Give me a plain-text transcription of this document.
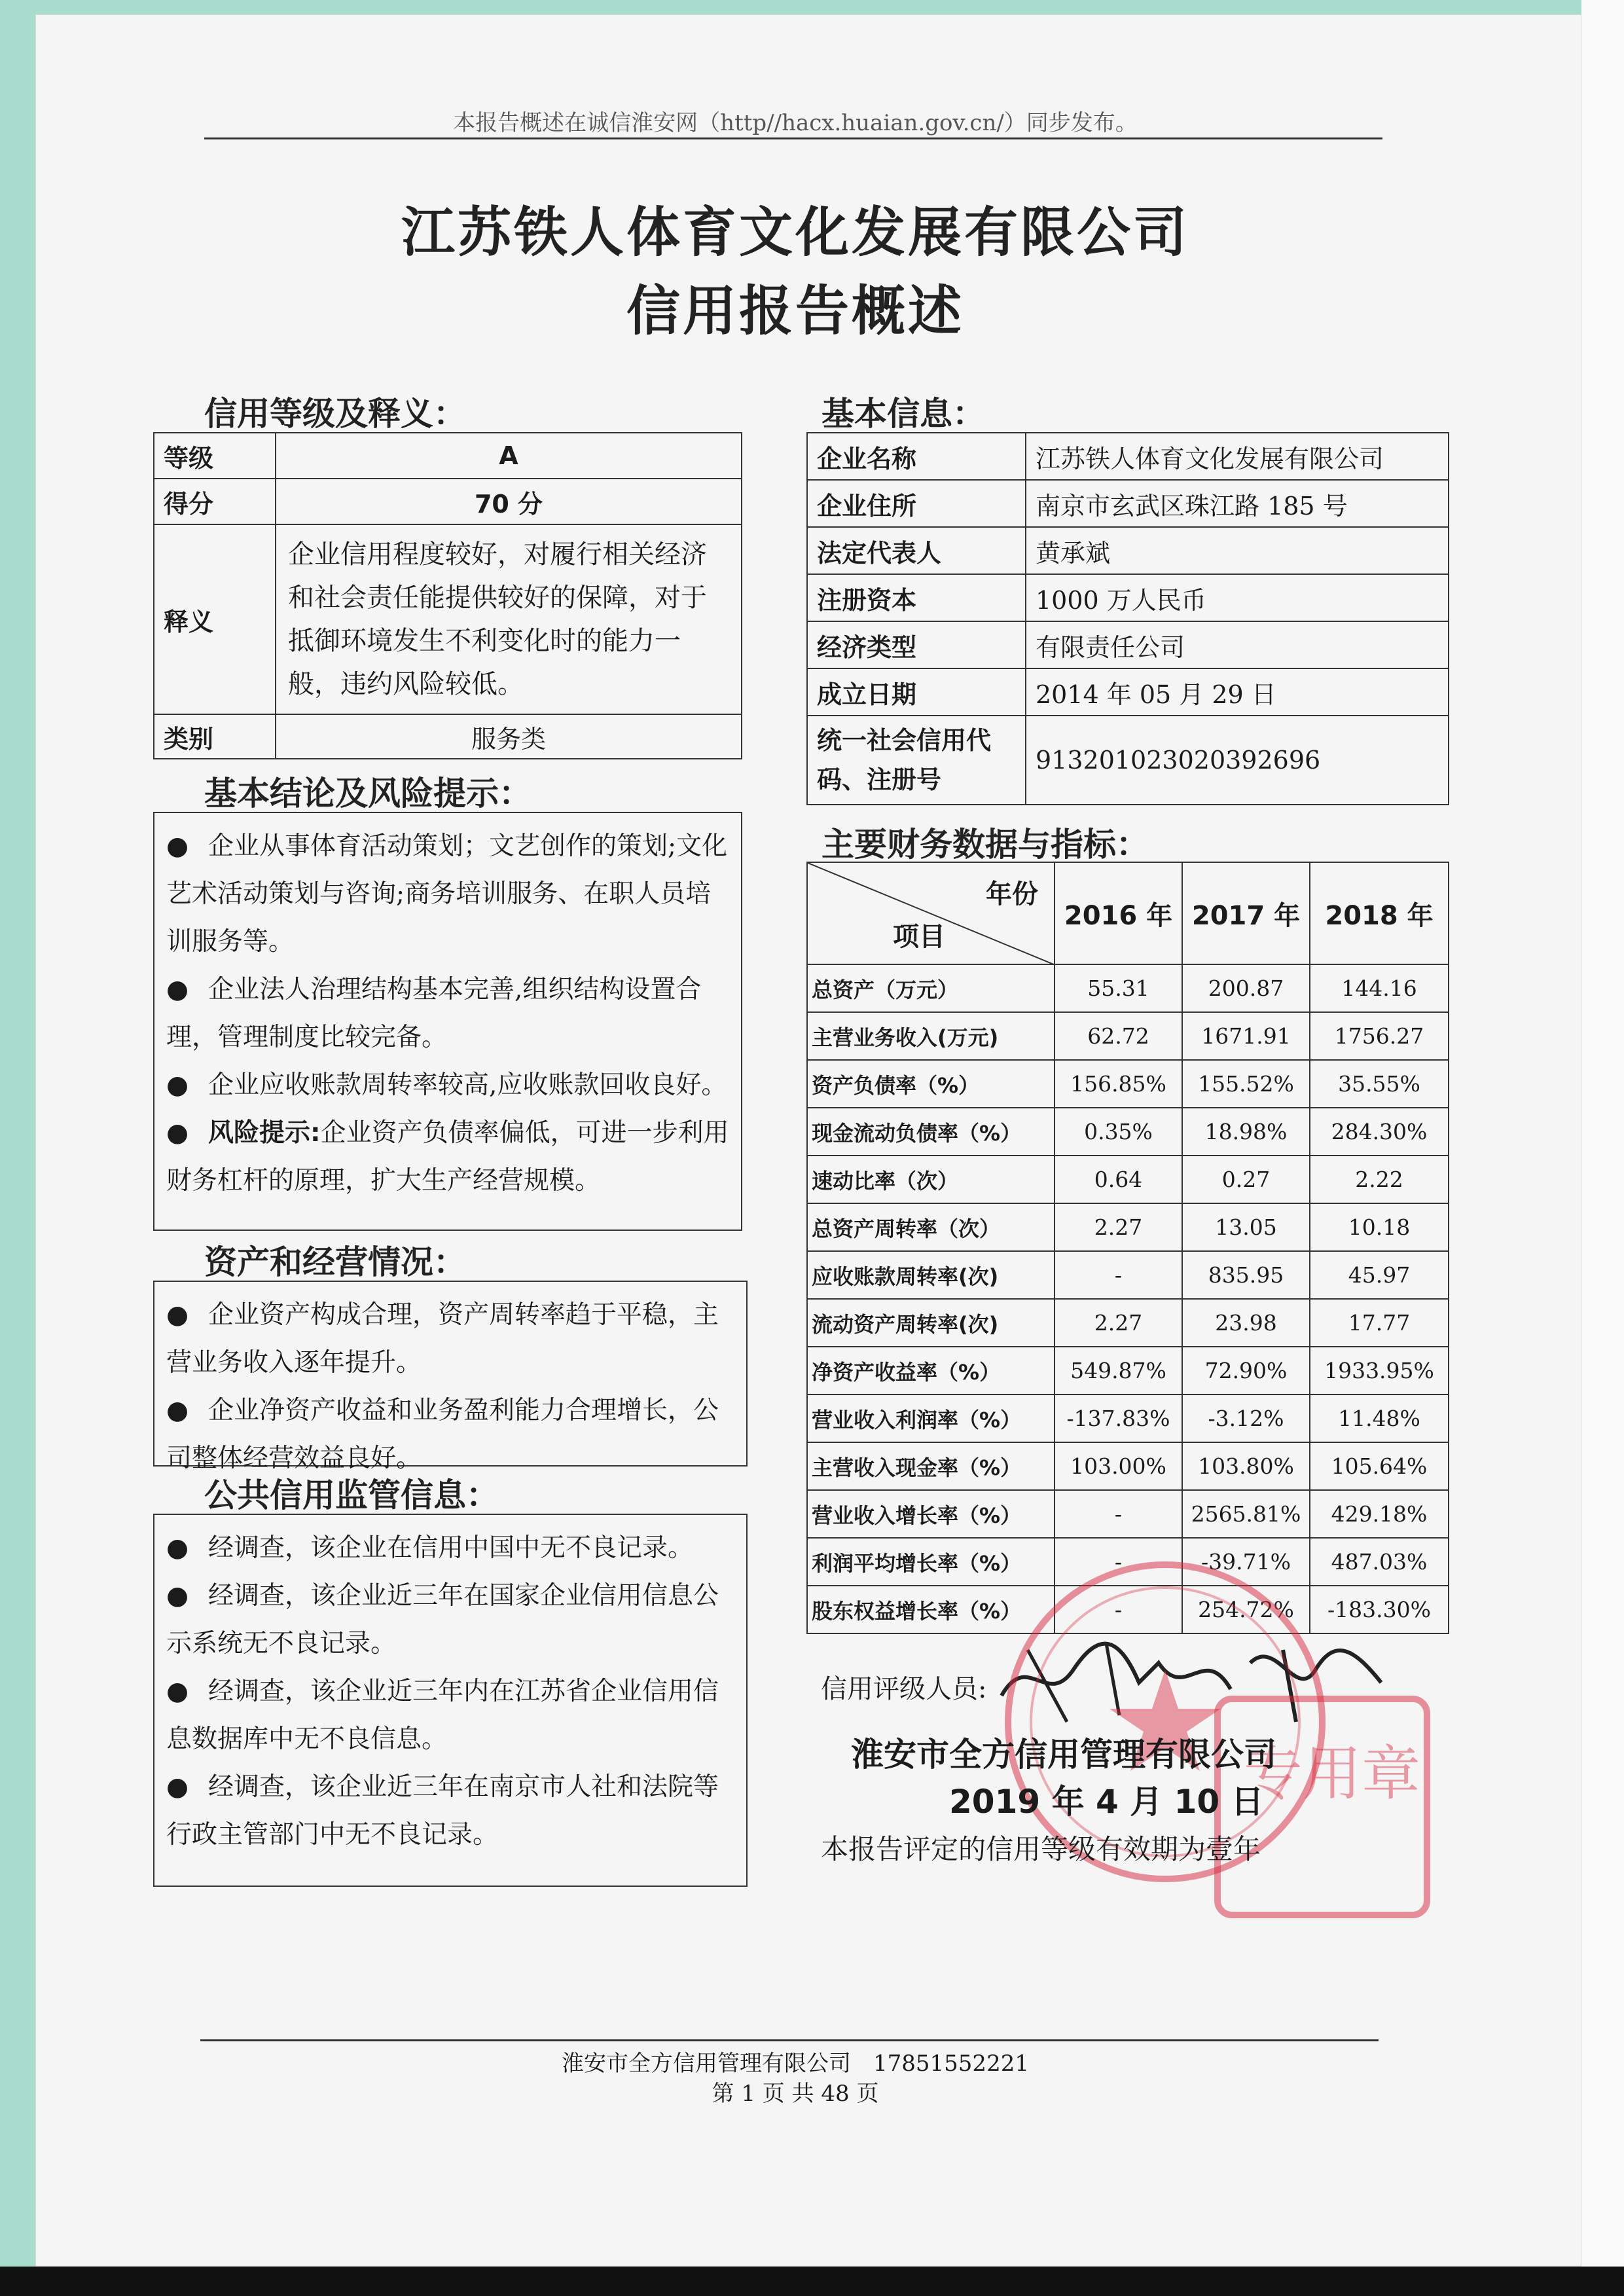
本报告概述在诚信淮安网（http//hacx.huaian.gov.cn/）同步发布。
江苏铁人体育文化发展有限公司
信用报告概述
信用等级及释义：
等级	A
得分	70 分
释义	企业信用程度较好，对履行相关经济和社会责任能提供较好的保障，对于抵御环境发生不利变化时的能力一般，违约风险较低。
类别	服务类
基本结论及风险提示：

● 企业从事体育活动策划；文艺创作的策划;文化艺术活动策划与咨询;商务培训服务、在职人员培训服务等。

● 企业法人治理结构基本完善,组织结构设置合理，管理制度比较完备。

● 企业应收账款周转率较高,应收账款回收良好。

● 风险提示:企业资产负债率偏低，可进一步利用财务杠杆的原理，扩大生产经营规模。

资产和经营情况：

● 企业资产构成合理，资产周转率趋于平稳，主营业务收入逐年提升。

● 企业净资产收益和业务盈利能力合理增长，公司整体经营效益良好。

公共信用监管信息：

● 经调查，该企业在信用中国中无不良记录。

● 经调查，该企业近三年在国家企业信用信息公示系统无不良记录。

● 经调查，该企业近三年内在江苏省企业信用信息数据库中无不良信息。

● 经调查，该企业近三年在南京市人社和法院等行政主管部门中无不良记录。

基本信息：
企业名称	江苏铁人体育文化发展有限公司
企业住所	南京市玄武区珠江路 185 号
法定代表人	黄承斌
注册资本	1000 万人民币
经济类型	有限责任公司
成立日期	2014 年 05 月 29 日
统一社会信用代码、注册号	913201023020392696
主要财务数据与指标：
年份
项目	2016 年	2017 年	2018 年
总资产（万元）	55.31	200.87	144.16
主营业务收入(万元)	62.72	1671.91	1756.27
资产负债率（%）	156.85%	155.52%	35.55%
现金流动负债率（%）	0.35%	18.98%	284.30%
速动比率（次）	0.64	0.27	2.22
总资产周转率（次）	2.27	13.05	10.18
应收账款周转率(次)	-	835.95	45.97
流动资产周转率(次)	2.27	23.98	17.77
净资产收益率（%）	549.87%	72.90%	1933.95%
营业收入利润率（%）	-137.83%	-3.12%	11.48%
主营收入现金率（%）	103.00%	103.80%	105.64%
营业收入增长率（%）	-	2565.81%	429.18%
利润平均增长率（%）	-	-39.71%	487.03%
股东权益增长率（%）	-	254.72%	-183.30%
信用评级人员:
专用章
淮安市全方信用管理有限公司
2019 年 4 月 10 日
本报告评定的信用等级有效期为壹年
淮安市全方信用管理有限公司　17851552221
第 1 页 共 48 页
